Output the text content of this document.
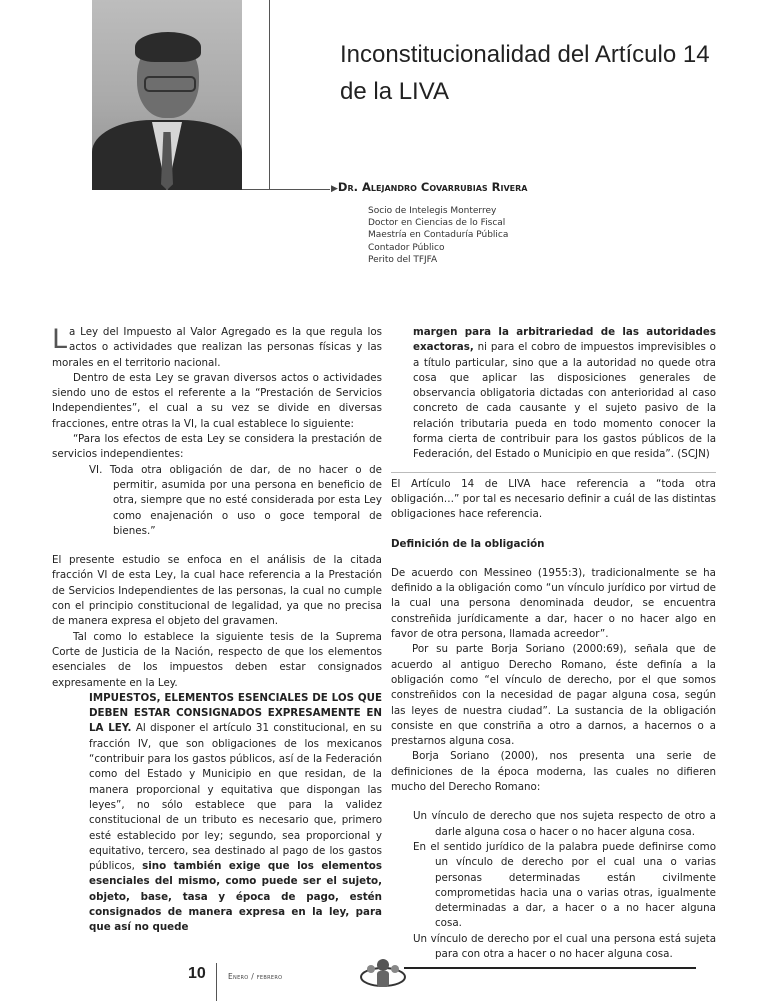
Inconstitucionalidad del Artículo 14 de la LIVA
▶Dr. Alejandro Covarrubias Rivera
Socio de Intelegis Monterrey
Doctor en Ciencias de lo Fiscal
Maestría en Contaduría Pública
Contador Público
Perito del TFJFA

La Ley del Impuesto al Valor Agregado es la que regula los actos o actividades que realizan las personas físicas y las morales en el territorio nacional.

Dentro de esta Ley se gravan diversos actos o actividades siendo uno de estos el referente a la “Prestación de Servicios Independientes”, el cual a su vez se divide en diversas fracciones, entre otras la VI, la cual establece lo siguiente:

“Para los efectos de esta Ley se considera la prestación de servicios independientes:

VI. Toda otra obligación de dar, de no hacer o de permitir, asumida por una persona en beneficio de otra, siempre que no esté considerada por esta Ley como enajenación o uso o goce temporal de bienes.”

El presente estudio se enfoca en el análisis de la citada fracción VI de esta Ley, la cual hace referencia a la Prestación de Servicios Independientes de las personas, la cual no cumple con el principio constitucional de legalidad, ya que no precisa de manera expresa el objeto del gravamen.

Tal como lo establece la siguiente tesis de la Suprema Corte de Justicia de la Nación, respecto de que los elementos esenciales de los impuestos deben estar consignados expresamente en la Ley.

IMPUESTOS, ELEMENTOS ESENCIALES DE LOS QUE DEBEN ESTAR CONSIGNADOS EXPRESAMENTE EN LA LEY. Al disponer el artículo 31 constitucional, en su fracción IV, que son obligaciones de los mexicanos “contribuir para los gastos públicos, así de la Federación como del Estado y Municipio en que residan, de la manera proporcional y equitativa que dispongan las leyes”, no sólo establece que para la validez constitucional de un tributo es necesario que, primero esté establecido por ley; segundo, sea proporcional y equitativo, tercero, sea destinado al pago de los gastos públicos, sino también exige que los elementos esenciales del mismo, como puede ser el sujeto, objeto, base, tasa y época de pago, estén consignados de manera expresa en la ley, para que así no quede

margen para la arbitrariedad de las autoridades exactoras, ni para el cobro de impuestos imprevisibles o a título particular, sino que a la autoridad no quede otra cosa que aplicar las disposiciones generales de observancia obligatoria dictadas con anterioridad al caso concreto de cada causante y el sujeto pasivo de la relación tributaria pueda en todo momento conocer la forma cierta de contribuir para los gastos públicos de la Federación, del Estado o Municipio en que resida”. (SCJN)

El Artículo 14 de LIVA hace referencia a “toda otra obligación…” por tal es necesario definir a cuál de las distintas obligaciones hace referencia.

Definición de la obligación

De acuerdo con Messineo (1955:3), tradicionalmente se ha definido a la obligación como “un vínculo jurídico por virtud de la cual una persona denominada deudor, se encuentra constreñida jurídicamente a dar, hacer o no hacer algo en favor de otra persona, llamada acreedor”.

Por su parte Borja Soriano (2000:69), señala que de acuerdo al antiguo Derecho Romano, éste definía a la obligación como “el vínculo de derecho, por el que somos constreñidos con la necesidad de pagar alguna cosa, según las leyes de nuestra ciudad”. La sustancia de la obligación consiste en que constriña a otro a darnos, a hacernos o a prestarnos alguna cosa.

Borja Soriano (2000), nos presenta una serie de definiciones de la época moderna, las cuales no difieren mucho del Derecho Romano:

Un vínculo de derecho que nos sujeta respecto de otro a darle alguna cosa o hacer o no hacer alguna cosa.

En el sentido jurídico de la palabra puede definirse como un vínculo de derecho por el cual una o varias personas determinadas están civilmente comprometidas hacia una o varias otras, igualmente determinadas a dar, a hacer o a no hacer alguna cosa.

Un vínculo de derecho por el cual una persona está sujeta para con otra a hacer o no hacer alguna cosa.

10	Enero / febrero
